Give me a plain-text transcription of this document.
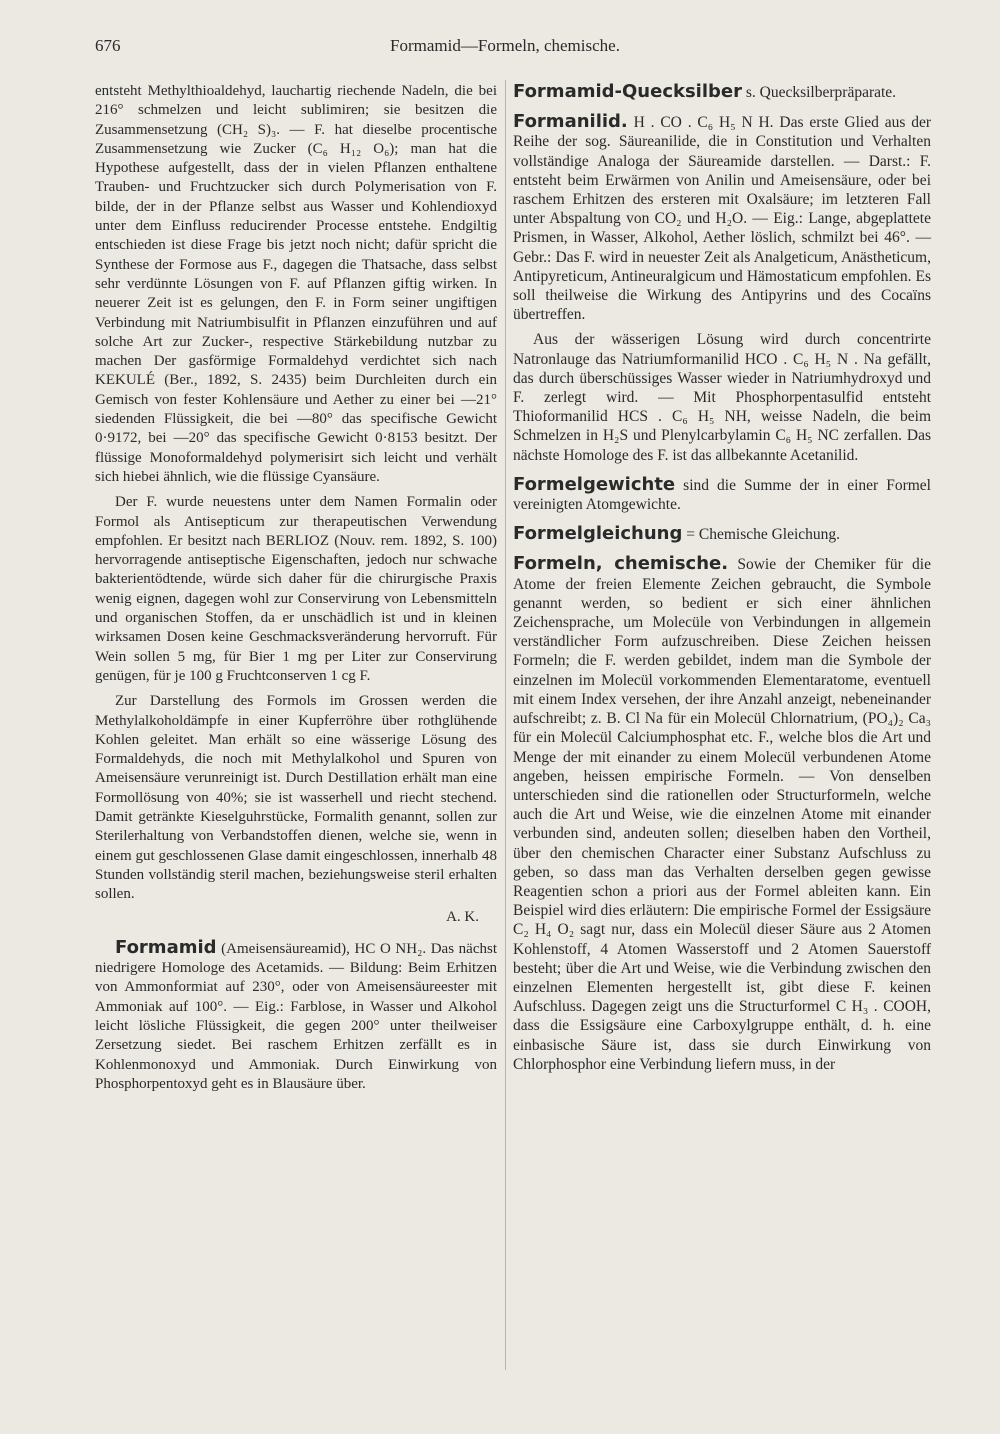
676	Formamid—Formeln, chemische.

entsteht Methylthioaldehyd, lauchartig riechende Nadeln, die bei 216° schmelzen und leicht sublimiren; sie besitzen die Zusammensetzung (CH₂ S)₃. — F. hat dieselbe procentische Zusammensetzung wie Zucker (C₆ H₁₂ O₆); man hat die Hypothese aufgestellt, dass der in vielen Pflanzen enthaltene Trauben- und Fruchtzucker sich durch Polymerisation von F. bilde, der in der Pflanze selbst aus Wasser und Kohlendioxyd unter dem Einfluss reducirender Processe entstehe. Endgiltig entschieden ist diese Frage bis jetzt noch nicht; dafür spricht die Synthese der Formose aus F., dagegen die Thatsache, dass selbst sehr verdünnte Lösungen von F. auf Pflanzen giftig wirken. In neuerer Zeit ist es gelungen, den F. in Form seiner ungiftigen Verbindung mit Natriumbisulfit in Pflanzen einzuführen und auf solche Art zur Zucker-, respective Stärkebildung nutzbar zu machen Der gasförmige Formaldehyd verdichtet sich nach KEKULÉ (Ber., 1892, S. 2435) beim Durchleiten durch ein Gemisch von fester Kohlensäure und Aether zu einer bei —21° siedenden Flüssigkeit, die bei —80° das specifische Gewicht 0·9172, bei —20° das specifische Gewicht 0·8153 besitzt. Der flüssige Monoformaldehyd polymerisirt sich leicht und verhält sich hiebei ähnlich, wie die flüssige Cyansäure.

Der F. wurde neuestens unter dem Namen Formalin oder Formol als Antisepticum zur therapeutischen Verwendung empfohlen. Er besitzt nach BERLIOZ (Nouv. rem. 1892, S. 100) hervorragende antiseptische Eigenschaften, jedoch nur schwache bakterientödtende, würde sich daher für die chirurgische Praxis wenig eignen, dagegen wohl zur Conservirung von Lebensmitteln und organischen Stoffen, da er unschädlich ist und in kleinen wirksamen Dosen keine Geschmacksveränderung hervorruft. Für Wein sollen 5 mg, für Bier 1 mg per Liter zur Conservirung genügen, für je 100 g Fruchtconserven 1 cg F.

Zur Darstellung des Formols im Grossen werden die Methylalkoholdämpfe in einer Kupferröhre über rothglühende Kohlen geleitet. Man erhält so eine wässerige Lösung des Formaldehyds, die noch mit Methylalkohol und Spuren von Ameisensäure verunreinigt ist. Durch Destillation erhält man eine Formollösung von 40%; sie ist wasserhell und riecht stechend. Damit getränkte Kieselguhrstücke, Formalith genannt, sollen zur Sterilerhaltung von Verbandstoffen dienen, welche sie, wenn in einem gut geschlossenen Glase damit eingeschlossen, innerhalb 48 Stunden vollständig steril machen, beziehungsweise steril erhalten sollen.

A. K.

Formamid (Ameisensäureamid), HC O NH₂. Das nächst niedrigere Homologe des Acetamids. — Bildung: Beim Erhitzen von Ammonformiat auf 230°, oder von Ameisensäureester mit Ammoniak auf 100°. — Eig.: Farblose, in Wasser und Alkohol leicht lösliche Flüssigkeit, die gegen 200° unter theilweiser Zersetzung siedet. Bei raschem Erhitzen zerfällt es in Kohlenmonoxyd und Ammoniak. Durch Einwirkung von Phosphorpentoxyd geht es in Blausäure über.

Formamid-Quecksilber s. Quecksilberpräparate.

Formanilid. H . CO . C₆ H₅ N H. Das erste Glied aus der Reihe der sog. Säureanilide, die in Constitution und Verhalten vollständige Analoga der Säureamide darstellen. — Darst.: F. entsteht beim Erwärmen von Anilin und Ameisensäure, oder bei raschem Erhitzen des ersteren mit Oxalsäure; im letzteren Fall unter Abspaltung von CO₂ und H₂O. — Eig.: Lange, abgeplattete Prismen, in Wasser, Alkohol, Aether löslich, schmilzt bei 46°. — Gebr.: Das F. wird in neuester Zeit als Analgeticum, Anästheticum, Antipyreticum, Antineuralgicum und Hämostaticum empfohlen. Es soll theilweise die Wirkung des Antipyrins und des Cocaïns übertreffen.

Aus der wässerigen Lösung wird durch concentrirte Natronlauge das Natriumformanilid HCO . C₆ H₅ N . Na gefällt, das durch überschüssiges Wasser wieder in Natriumhydroxyd und F. zerlegt wird. — Mit Phosphorpentasulfid entsteht Thioformanilid HCS . C₆ H₅ NH, weisse Nadeln, die beim Schmelzen in H₂S und Plenylcarbylamin C₆ H₅ NC zerfallen. Das nächste Homologe des F. ist das allbekannte Acetanilid.

Formelgewichte sind die Summe der in einer Formel vereinigten Atomgewichte.

Formelgleichung = Chemische Gleichung.

Formeln, chemische. Sowie der Chemiker für die Atome der freien Elemente Zeichen gebraucht, die Symbole genannt werden, so bedient er sich einer ähnlichen Zeichensprache, um Molecüle von Verbindungen in allgemein verständlicher Form aufzuschreiben. Diese Zeichen heissen Formeln; die F. werden gebildet, indem man die Symbole der einzelnen im Molecül vorkommenden Elementaratome, eventuell mit einem Index versehen, der ihre Anzahl anzeigt, nebeneinander aufschreibt; z. B. Cl Na für ein Molecül Chlornatrium, (PO₄)₂ Ca₃ für ein Molecül Calciumphosphat etc. F., welche blos die Art und Menge der mit einander zu einem Molecül verbundenen Atome angeben, heissen empirische Formeln. — Von denselben unterschieden sind die rationellen oder Structurformeln, welche auch die Art und Weise, wie die einzelnen Atome mit einander verbunden sind, andeuten sollen; dieselben haben den Vortheil, über den chemischen Character einer Substanz Aufschluss zu geben, so dass man das Verhalten derselben gegen gewisse Reagentien schon a priori aus der Formel ableiten kann. Ein Beispiel wird dies erläutern: Die empirische Formel der Essigsäure C₂ H₄ O₂ sagt nur, dass ein Molecül dieser Säure aus 2 Atomen Kohlenstoff, 4 Atomen Wasserstoff und 2 Atomen Sauerstoff besteht; über die Art und Weise, wie die Verbindung zwischen den einzelnen Elementen hergestellt ist, gibt diese F. keinen Aufschluss. Dagegen zeigt uns die Structurformel C H₃ . COOH, dass die Essigsäure eine Carboxylgruppe enthält, d. h. eine einbasische Säure ist, dass sie durch Einwirkung von Chlorphosphor eine Verbindung liefern muss, in der
